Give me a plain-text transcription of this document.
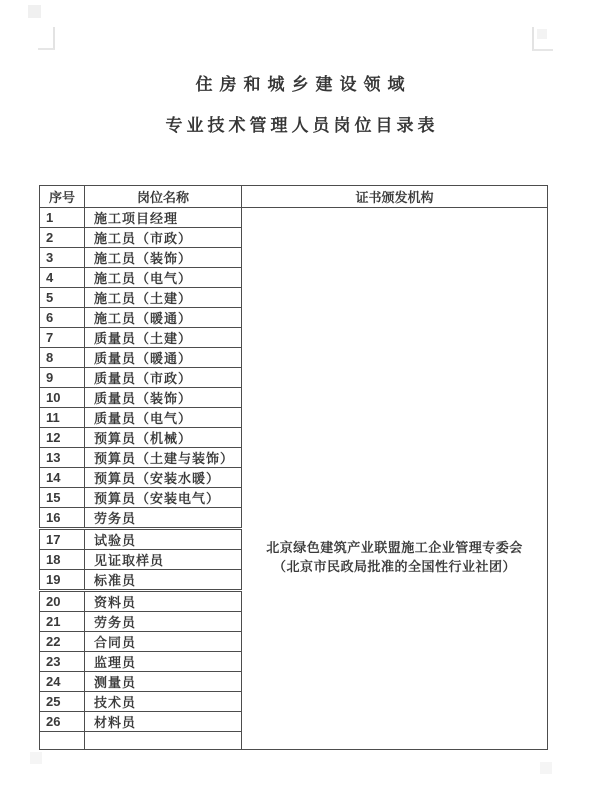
住房和城乡建设领域
专业技术管理人员岗位目录表
序号	岗位名称	证书颁发机构
1	施工项目经理	北京绿色建筑产业联盟施工企业管理专委会
（北京市民政局批准的全国性行业社团）

2	施工员（市政）	
3	施工员（装饰）	
4	施工员（电气）	
5	施工员（土建）	
6	施工员（暖通）	
7	质量员（土建）	
8	质量员（暖通）	
9	质量员（市政）	
10	质量员（装饰）	
11	质量员（电气）	
12	预算员（机械）	
13	预算员（土建与装饰）	
14	预算员（安装水暖）	
15	预算员（安装电气）	
16	劳务员	
17	试验员	
18	见证取样员	
19	标准员	
20	资料员	
21	劳务员	
22	合同员	
23	监理员	
24	测量员	
25	技术员	
26	材料员	
